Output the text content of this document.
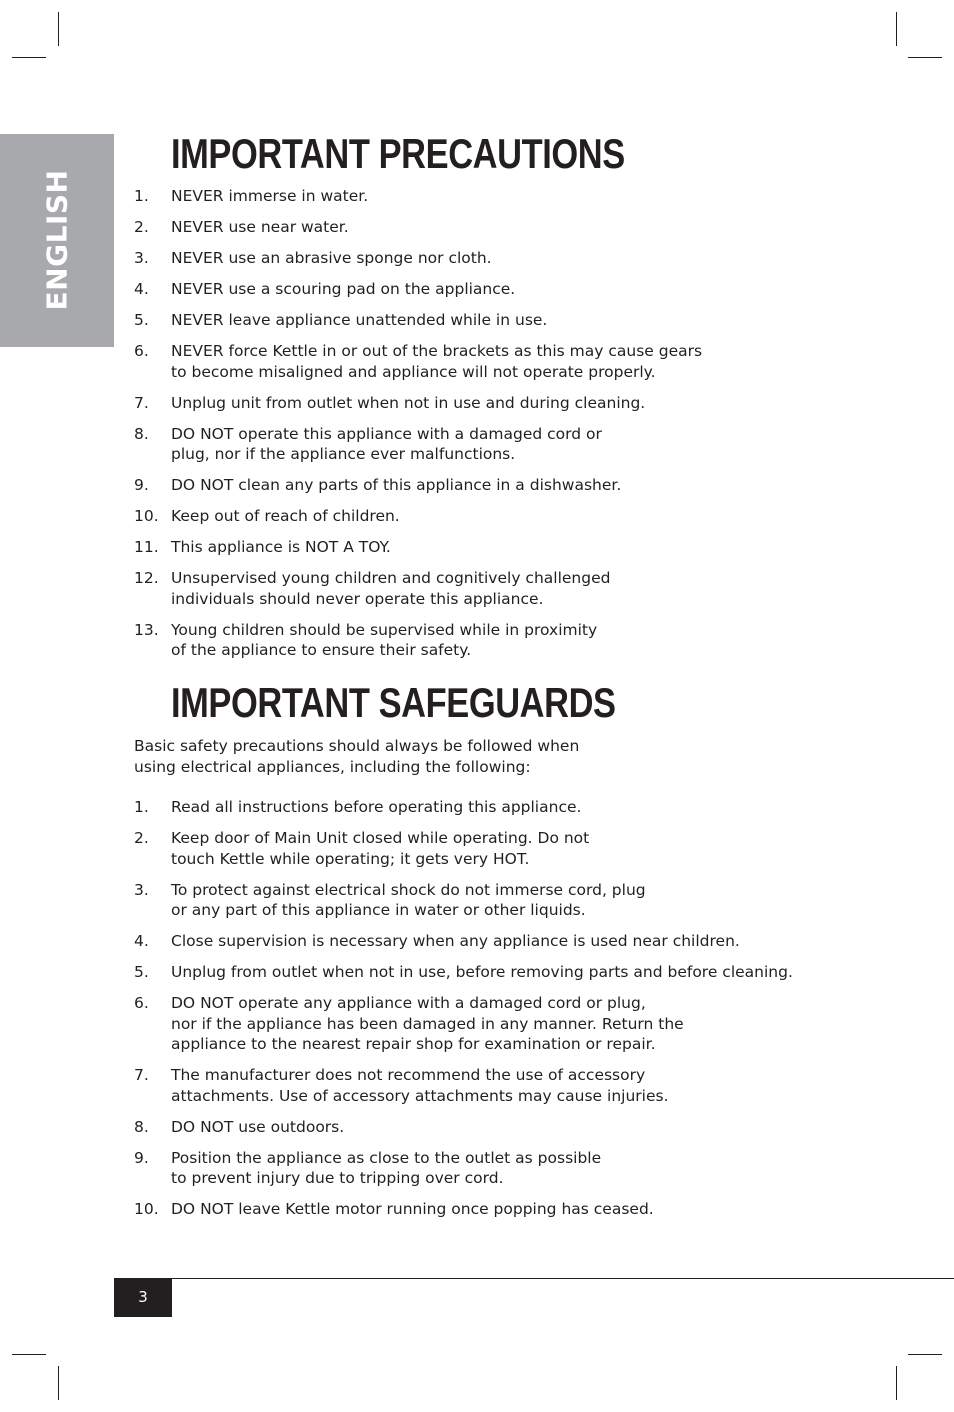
ENGLISH
IMPORTANT PRECAUTIONS
1. NEVER immerse in water.
2. NEVER use near water.
3. NEVER use an abrasive sponge nor cloth.
4. NEVER use a scouring pad on the appliance.
5. NEVER leave appliance unattended while in use.
6. NEVER force Kettle in or out of the brackets as this may cause gears
to become misaligned and appliance will not operate properly.
7. Unplug unit from outlet when not in use and during cleaning.
8. DO NOT operate this appliance with a damaged cord or
plug, nor if the appliance ever malfunctions.
9. DO NOT clean any parts of this appliance in a dishwasher.
10. Keep out of reach of children.
11. This appliance is NOT A TOY.
12. Unsupervised young children and cognitively challenged
individuals should never operate this appliance.
13. Young children should be supervised while in proximity
of the appliance to ensure their safety.
IMPORTANT SAFEGUARDS

Basic safety precautions should always be followed when
using electrical appliances, including the following:

1. Read all instructions before operating this appliance.
2. Keep door of Main Unit closed while operating. Do not
touch Kettle while operating; it gets very HOT.
3. To protect against electrical shock do not immerse cord, plug
or any part of this appliance in water or other liquids.
4. Close supervision is necessary when any appliance is used near children.
5. Unplug from outlet when not in use, before removing parts and before cleaning.
6. DO NOT operate any appliance with a damaged cord or plug,
nor if the appliance has been damaged in any manner. Return the
appliance to the nearest repair shop for examination or repair.
7. The manufacturer does not recommend the use of accessory
attachments. Use of accessory attachments may cause injuries.
8. DO NOT use outdoors.
9. Position the appliance as close to the outlet as possible
to prevent injury due to tripping over cord.
10. DO NOT leave Kettle motor running once popping has ceased.
3
